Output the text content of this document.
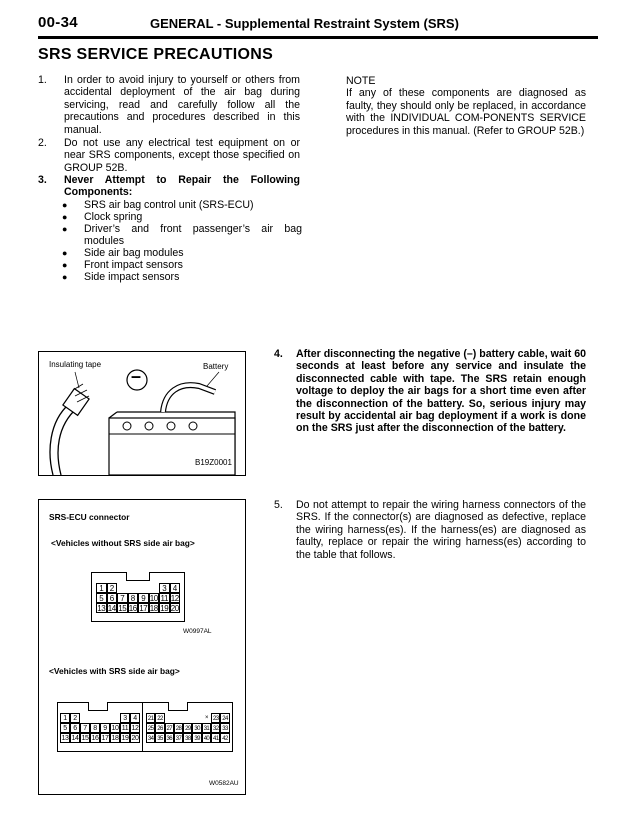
00-34	GENERAL - Supplemental Restraint System (SRS)
SRS SERVICE PRECAUTIONS
1. In order to avoid injury to yourself or others from accidental deployment of the air bag during servicing, read and carefully follow all the precautions and procedures described in this manual.
2. Do not use any electrical test equipment on or near SRS components, except those specified on GROUP 52B.
3. Never Attempt to Repair the Following Components:
● SRS air bag control unit (SRS-ECU)
● Clock spring
● Driver’s and front passenger’s air bag modules
● Side air bag modules
● Front impact sensors
● Side impact sensors
NOTE
If any of these components are diagnosed as faulty, they should only be replaced, in accordance with the INDIVIDUAL COM-PONENTS SERVICE procedures in this manual. (Refer to GROUP 52B.)
Insulating tape	Battery
–
B19Z0001
4. After disconnecting the negative (–) battery cable, wait 60 seconds at least before any service and insulate the disconnected cable with tape. The SRS retain enough voltage to deploy the air bags for a short time even after the disconnection of the battery. So, serious injury may result by accidental air bag deployment if a work is done on the SRS just after the disconnection of the battery.
SRS-ECU connector
<Vehicles without SRS side air bag>
1 2	3 4
5 6 7 8 9 10 11 12
13 14 15 16 17 18 19 20
W0997AL
<Vehicles with SRS side air bag>
1 2	3 4
5 6 7 8 9 10 11 12
13 14 15 16 17 18 19 20
21 22	× 23 24
25 26 27 28 29 30 31 32 33
34 35 36 37 38 39 40 41 42
W0582AU
5. Do not attempt to repair the wiring harness connectors of the SRS. If the connector(s) are diagnosed as defective, replace the wiring harness(es). If the harness(es) are diagnosed as faulty, replace or repair the wiring harness(es) according to the table that follows.
